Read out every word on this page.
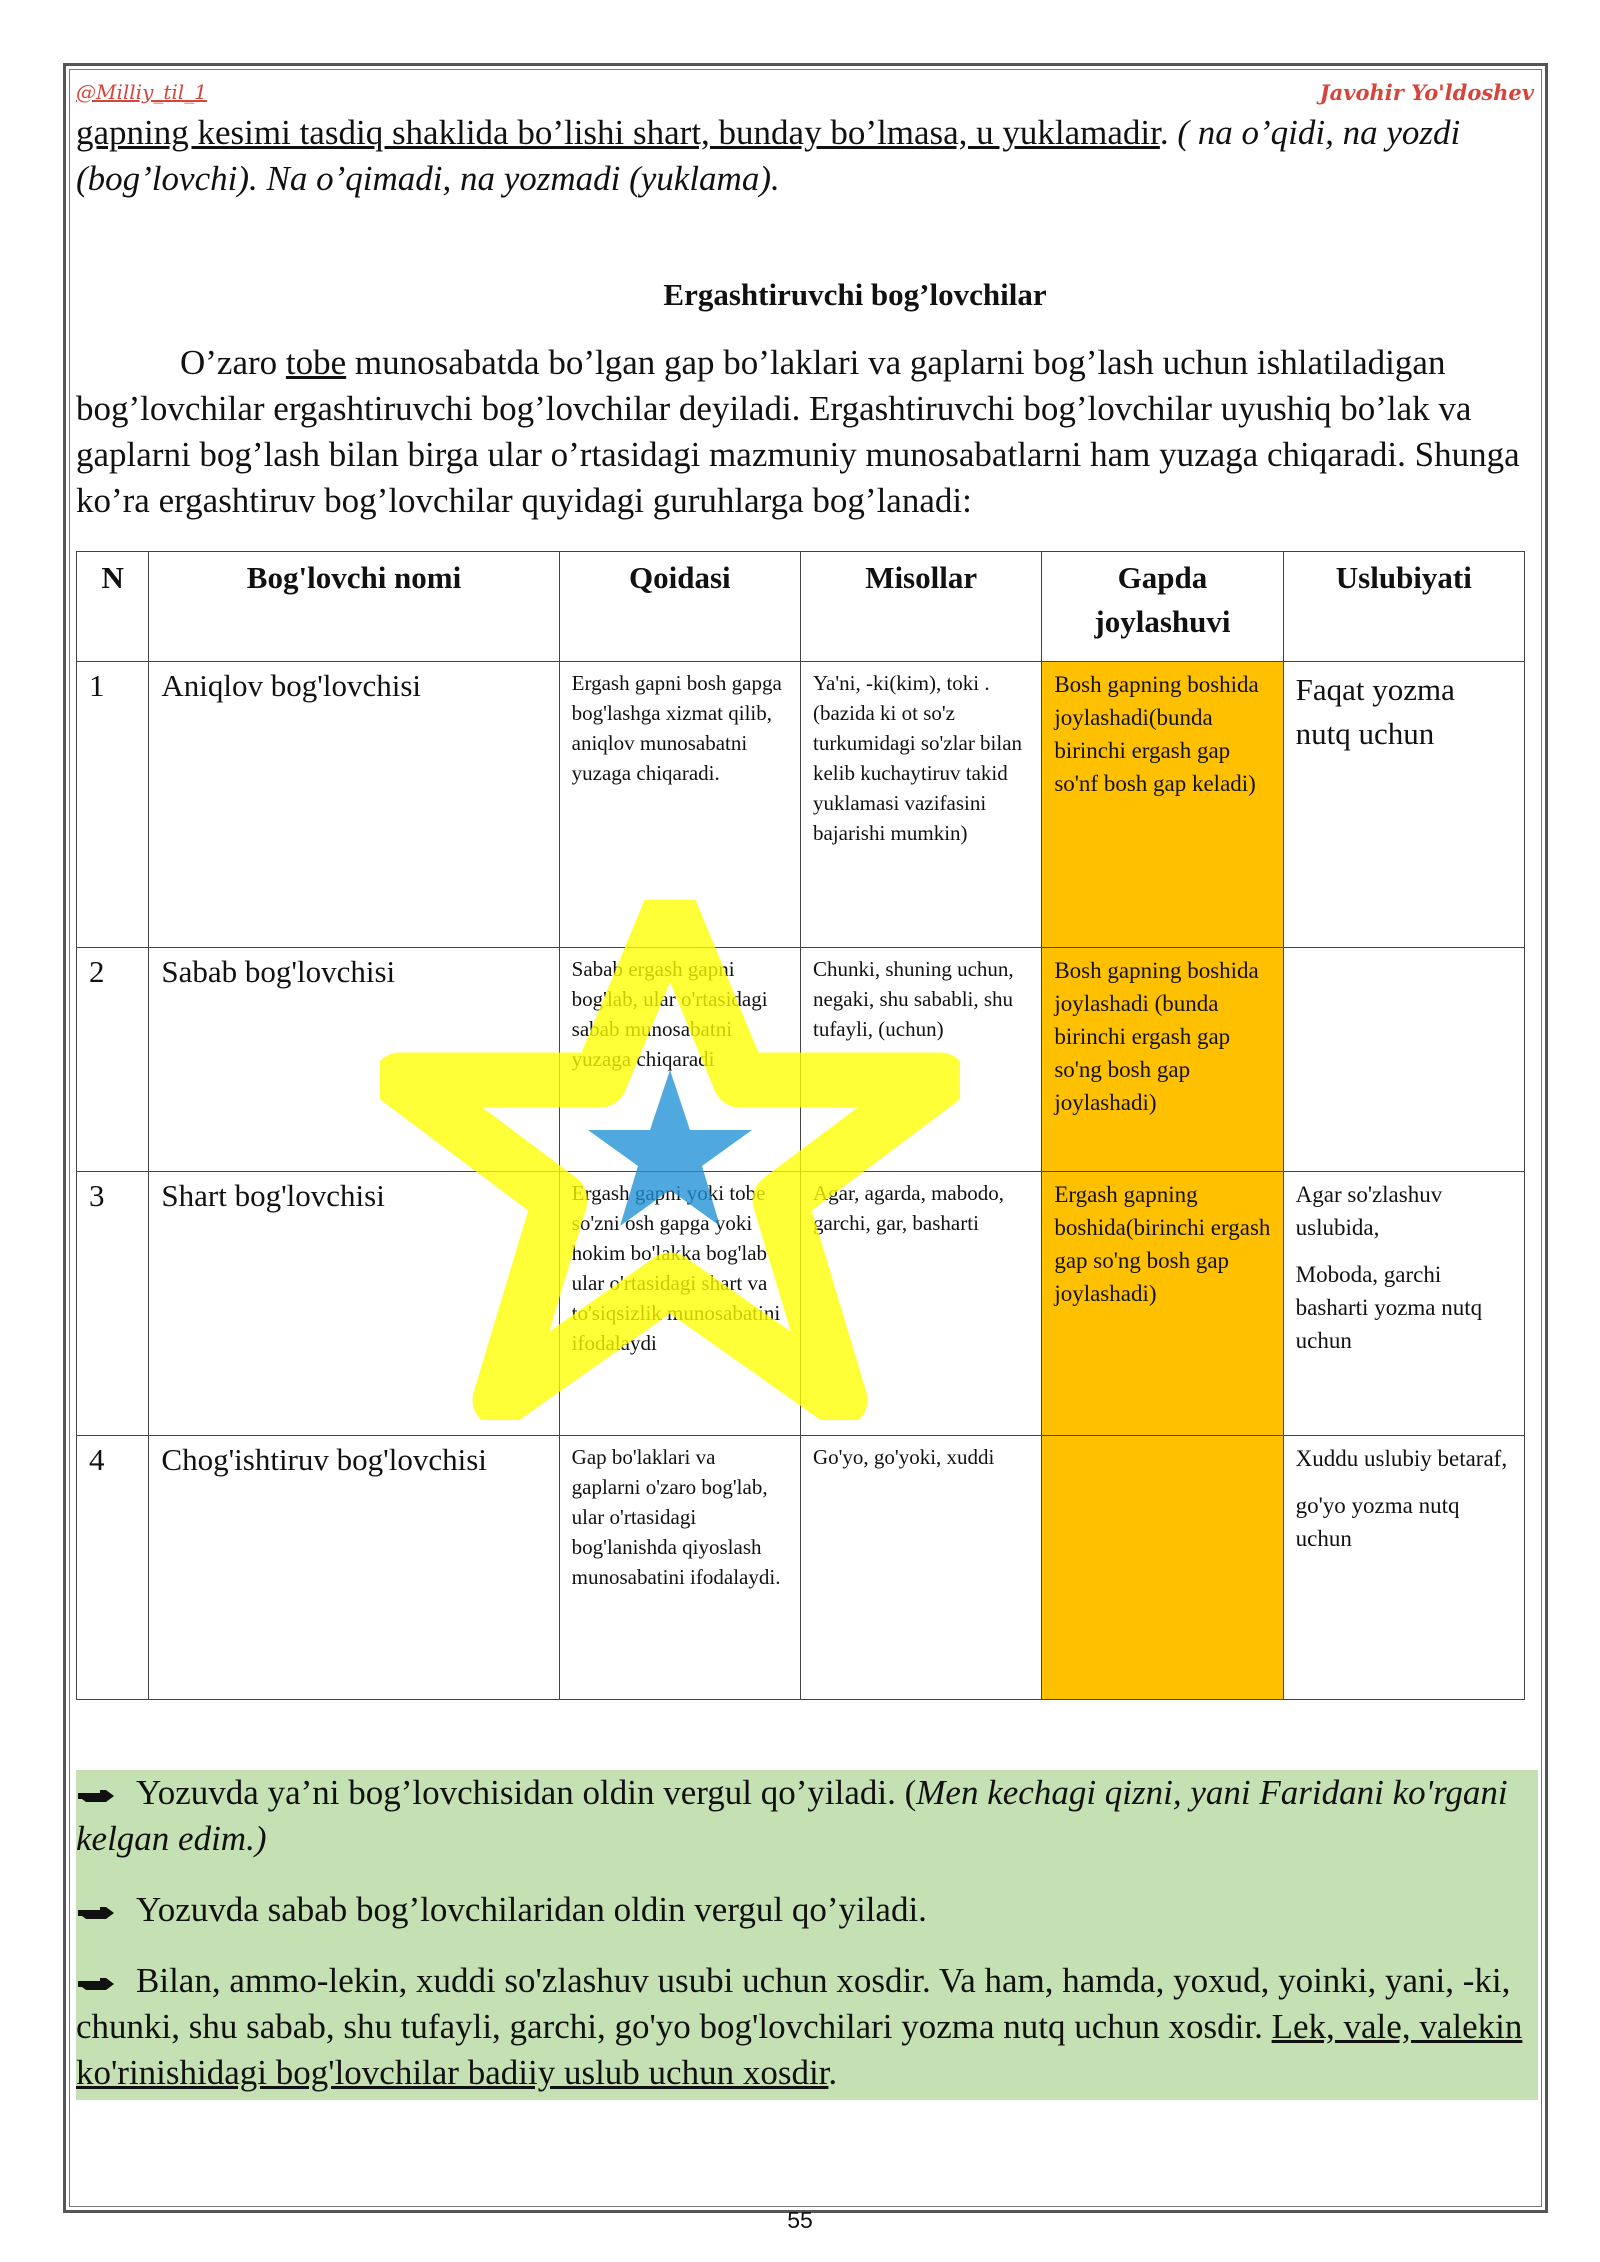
@Milliy_til_1	Javohir Yo'ldoshev
gapning kesimi tasdiq shaklida bo’lishi shart, bunday bo’lmasa, u yuklamadir. ( na o’qidi, na yozdi (bog’lovchi). Na o’qimadi, na yozmadi (yuklama).
Ergashtiruvchi bog’lovchilar
O’zaro tobe munosabatda bo’lgan gap bo’laklari va gaplarni bog’lash uchun ishlatiladigan bog’lovchilar ergashtiruvchi bog’lovchilar deyiladi. Ergashtiruvchi bog’lovchilar uyushiq bo’lak va gaplarni bog’lash bilan birga ular o’rtasidagi mazmuniy munosabatlarni ham yuzaga chiqaradi. Shunga ko’ra ergashtiruv bog’lovchilar quyidagi guruhlarga bog’lanadi:
N	Bog'lovchi nomi	Qoidasi	Misollar	Gapda joylashuvi	Uslubiyati
1	Aniqlov bog'lovchisi	Ergash gapni bosh gapga bog'lashga xizmat qilib, aniqlov munosabatni yuzaga chiqaradi.	Ya'ni, -ki(kim), toki . (bazida ki ot so'z turkumidagi so'zlar bilan kelib kuchaytiruv takid yuklamasi vazifasini bajarishi mumkin)	Bosh gapning boshida joylashadi(bunda birinchi ergash gap so'nf bosh gap keladi)	Faqat yozma nutq uchun
2	Sabab bog'lovchisi	Sabab ergash gapni bog'lab, ular o'rtasidagi sabab munosabatni yuzaga chiqaradi	Chunki, shuning uchun, negaki, shu sababli, shu tufayli, (uchun)	Bosh gapning boshida joylashadi (bunda birinchi ergash gap so'ng bosh gap joylashadi)	
3	Shart bog'lovchisi	Ergash gapni yoki tobe so'zni osh gapga yoki hokim bo'lakka bog'lab ular o'rtasidagi shart va to'siqsizlik munosabatini ifodalaydi	Agar, agarda, mabodo, garchi, gar, basharti	Ergash gapning boshida(birinchi ergash gap so'ng bosh gap joylashadi)	Agar so'zlashuv uslubida,
Moboda, garchi basharti yozma nutq uchun
4	Chog'ishtiruv bog'lovchisi	Gap bo'laklari va gaplarni o'zaro bog'lab, ular o'rtasidagi bog'lanishda qiyoslash munosabatini ifodalaydi.	Go'yo, go'yoki, xuddi		Xuddu uslubiy betaraf,
go'yo yozma nutq uchun
Yozuvda ya’ni bog’lovchisidan oldin vergul qo’yiladi. (Men kechagi qizni, yani Faridani ko'rgani kelgan edim.)
Yozuvda sabab bog’lovchilaridan oldin vergul qo’yiladi.
Bilan, ammo-lekin, xuddi so'zlashuv usubi uchun xosdir. Va ham, hamda, yoxud, yoinki, yani, -ki, chunki, shu sabab, shu tufayli, garchi, go'yo bog'lovchilari yozma nutq uchun xosdir. Lek, vale, valekin ko'rinishidagi bog'lovchilar badiiy uslub uchun xosdir.
55
